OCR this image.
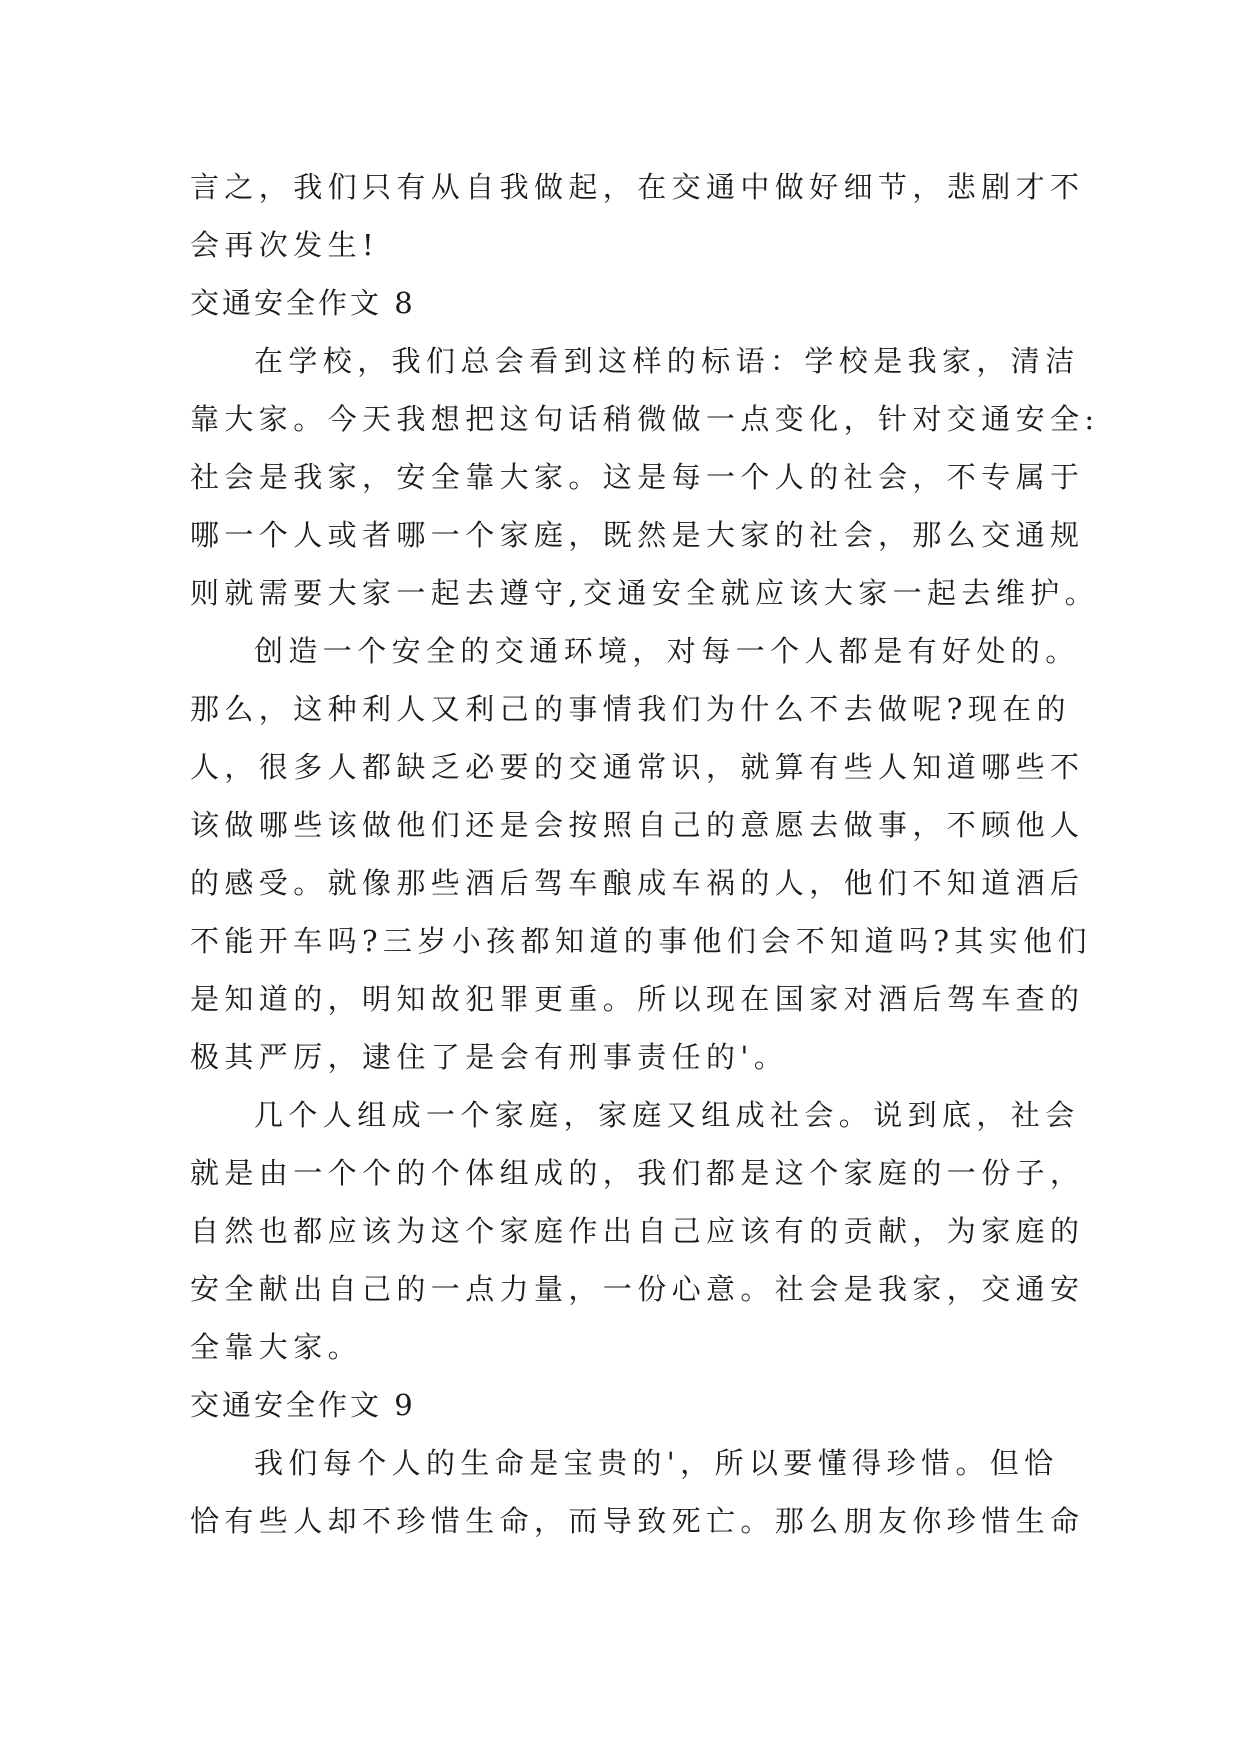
言之，我们只有从自我做起，在交通中做好细节，悲剧才不
会再次发生!
交通安全作文 8
在学校，我们总会看到这样的标语：学校是我家，清洁
靠大家。今天我想把这句话稍微做一点变化，针对交通安全:
社会是我家，安全靠大家。这是每一个人的社会，不专属于
哪一个人或者哪一个家庭，既然是大家的社会，那么交通规
则就需要大家一起去遵守,交通安全就应该大家一起去维护。
创造一个安全的交通环境，对每一个人都是有好处的。
那么，这种利人又利己的事情我们为什么不去做呢?现在的
人，很多人都缺乏必要的交通常识，就算有些人知道哪些不
该做哪些该做他们还是会按照自己的意愿去做事，不顾他人
的感受。就像那些酒后驾车酿成车祸的人，他们不知道酒后
不能开车吗?三岁小孩都知道的事他们会不知道吗?其实他们
是知道的，明知故犯罪更重。所以现在国家对酒后驾车查的
极其严厉，逮住了是会有刑事责任的'。
几个人组成一个家庭，家庭又组成社会。说到底，社会
就是由一个个的个体组成的，我们都是这个家庭的一份子，
自然也都应该为这个家庭作出自己应该有的贡献，为家庭的
安全献出自己的一点力量，一份心意。社会是我家，交通安
全靠大家。
交通安全作文 9
我们每个人的生命是宝贵的'，所以要懂得珍惜。但恰
恰有些人却不珍惜生命，而导致死亡。那么朋友你珍惜生命
